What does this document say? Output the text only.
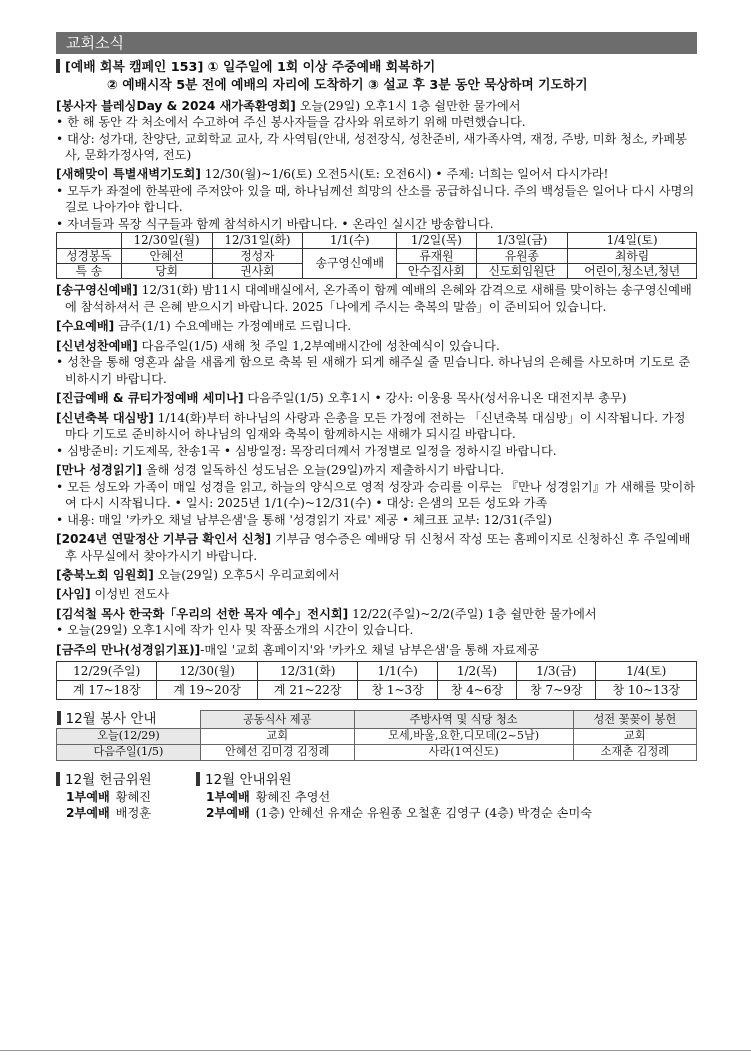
교회소식
[예배 회복 캠페인 153] ① 일주일에 1회 이상 주중예배 회복하기
② 예배시작 5분 전에 예배의 자리에 도착하기 ③ 설교 후 3분 동안 묵상하며 기도하기
[봉사자 블레싱Day & 2024 새가족환영회] 오늘(29일) 오후1시 1층 쉴만한 물가에서
• 한 해 동안 각 처소에서 수고하여 주신 봉사자들을 감사와 위로하기 위해 마련했습니다.
• 대상: 성가대, 찬양단, 교회학교 교사, 각 사역팀(안내, 성전장식, 성찬준비, 새가족사역, 재정, 주방, 미화 청소, 카페봉사, 문화가정사역, 전도)
[새해맞이 특별새벽기도회] 12/30(월)~1/6(토) 오전5시(토: 오전6시) • 주제: 너희는 일어서 다시가라!
• 모두가 좌절에 한복판에 주저앉아 있을 때, 하나님께선 희망의 산소를 공급하십니다. 주의 백성들은 일어나 다시 사명의 길로 나아가야 합니다.
• 자녀들과 목장 식구들과 함께 참석하시기 바랍니다. • 온라인 실시간 방송합니다.
	12/30일(월)	12/31일(화)	1/1(수)	1/2일(목)	1/3일(금)	1/4일(토)
성경봉독	안혜선	정성자	송구영신예배	류재원	유원종	최하림
특 송	당회	권사회		안수집사회	신도회임원단	어린이,청소년,청년
[송구영신예배] 12/31(화) 밤11시 대예배실에서, 온가족이 함께 예배의 은혜와 감격으로 새해를 맞이하는 송구영신예배에 참석하셔서 큰 은혜 받으시기 바랍니다. 2025「나에게 주시는 축복의 말씀」이 준비되어 있습니다.
[수요예배] 금주(1/1) 수요예배는 가정예배로 드립니다.
[신년성찬예배] 다음주일(1/5) 새해 첫 주일 1,2부예배시간에 성찬예식이 있습니다.
• 성찬을 통해 영혼과 삶을 새롭게 함으로 축복 된 새해가 되게 해주실 줄 믿습니다. 하나님의 은혜를 사모하며 기도로 준비하시기 바랍니다.
[진급예배 & 큐티가정예배 세미나] 다음주일(1/5) 오후1시 • 강사: 이웅용 목사(성서유니온 대전지부 총무)
[신년축복 대심방] 1/14(화)부터 하나님의 사랑과 은총을 모든 가정에 전하는 「신년축복 대심방」이 시작됩니다. 가정마다 기도로 준비하시어 하나님의 임재와 축복이 함께하시는 새해가 되시길 바랍니다.
• 심방준비: 기도제목, 찬송1곡 • 심방일정: 목장리더께서 가정별로 일정을 정하시길 바랍니다.
[만나 성경읽기] 올해 성경 일독하신 성도님은 오늘(29일)까지 제출하시기 바랍니다.
• 모든 성도와 가족이 매일 성경을 읽고, 하늘의 양식으로 영적 성장과 승리를 이루는 『만나 성경읽기』가 새해를 맞이하여 다시 시작됩니다. • 일시: 2025년 1/1(수)~12/31(수) • 대상: 은샘의 모든 성도와 가족
• 내용: 매일 '카카오 채널 남부은샘'을 통해 '성경읽기 자료' 제공 • 체크표 교부: 12/31(주일)
[2024년 연말정산 기부금 확인서 신청] 기부금 영수증은 예배당 뒤 신청서 작성 또는 홈페이지로 신청하신 후 주일예배 후 사무실에서 찾아가시기 바랍니다.
[충북노회 임원회] 오늘(29일) 오후5시 우리교회에서
[사임] 이성빈 전도사
[김석철 목사 한국화「우리의 선한 목자 예수」전시회] 12/22(주일)~2/2(주일) 1층 쉴만한 물가에서
• 오늘(29일) 오후1시에 작가 인사 및 작품소개의 시간이 있습니다.
[금주의 만나(성경읽기표)]-매일 '교회 홈페이지'와 '카카오 채널 남부은샘'을 통해 자료제공
12/29(주일)	12/30(월)	12/31(화)	1/1(수)	1/2(목)	1/3(금)	1/4(토)
계 17~18장	계 19~20장	계 21~22장	창 1~3장	창 4~6장	창 7~9장	창 10~13장
12월 봉사 안내	공동식사 제공	주방사역 및 식당 청소	성전 꽃꽂이 봉헌
오늘(12/29)	교회	모세,바울,요한,디모데(2~5남)	교회
다음주일(1/5)	안혜선 김미경 김정례	사라(1여신도)	소재춘 김정례
12월 헌금위원
1부예배 황혜진
2부예배 배정훈
12월 안내위원
1부예배 황혜진 추영선
2부예배 (1층) 안혜선 유재순 유원종 오철훈 김영구 (4층) 박경순 손미숙
